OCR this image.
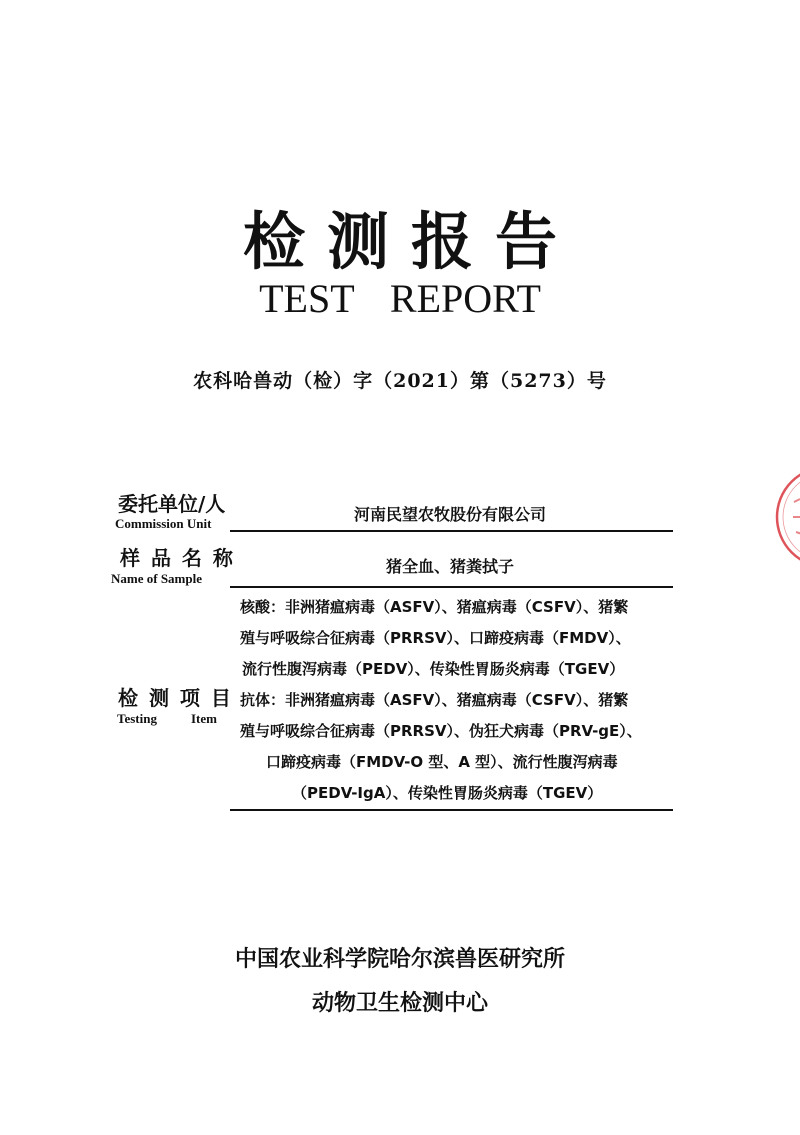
检测报告
TEST REPORT
农科哈兽动（检）字（2021）第（5273）号
委托单位/人
Commission Unit	河南民望农牧股份有限公司
样 品 名 称
Name of Sample
猪全血、猪粪拭子
检 测 项 目
Testing	Item
核酸：非洲猪瘟病毒（ASFV）、猪瘟病毒（CSFV）、猪繁
殖与呼吸综合征病毒（PRRSV）、口蹄疫病毒（FMDV）、
流行性腹泻病毒（PEDV）、传染性胃肠炎病毒（TGEV）
抗体：非洲猪瘟病毒（ASFV）、猪瘟病毒（CSFV）、猪繁
殖与呼吸综合征病毒（PRRSV）、伪狂犬病毒（PRV-gE）、
口蹄疫病毒（FMDV-O 型、A 型）、流行性腹泻病毒
（PEDV-IgA）、传染性胃肠炎病毒（TGEV）
中国农业科学院哈尔滨兽医研究所
动物卫生检测中心
